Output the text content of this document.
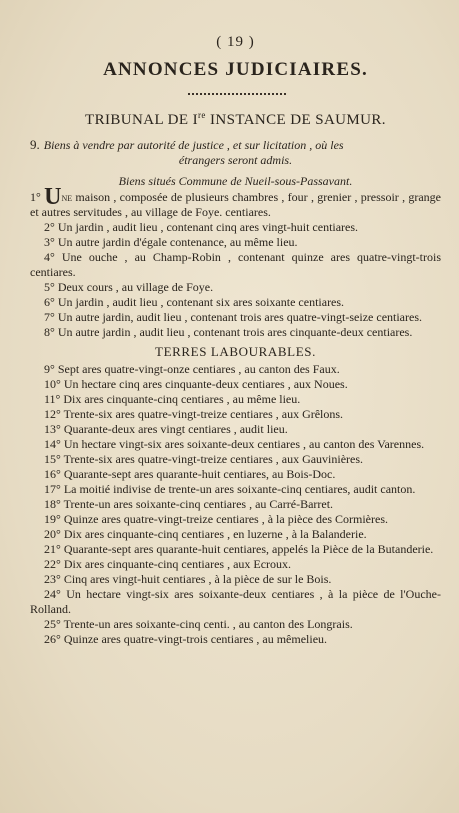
( 19 )
ANNONCES JUDICIAIRES.
TRIBUNAL DE Ire INSTANCE DE SAUMUR.
9. Biens à vendre par autorité de justice , et sur licitation , où les
étrangers seront admis.
Biens situés Commune de Nueil-sous-Passavant.

1° Une maison , composée de plusieurs chambres , four , grenier , pressoir , grange et autres servitudes , au village de Foye. centiares.

2° Un jardin , audit lieu , contenant cinq ares vingt-huit centiares.

3° Un autre jardin d'égale contenance, au même lieu.

4° Une ouche , au Champ-Robin , contenant quinze ares quatre-vingt-trois centiares.

5° Deux cours , au village de Foye.

6° Un jardin , audit lieu , contenant six ares soixante centiares.

7° Un autre jardin, audit lieu , contenant trois ares quatre-vingt-seize centiares.

8° Un autre jardin , audit lieu , contenant trois ares cinquante-deux centiares.

TERRES LABOURABLES.

9° Sept ares quatre-vingt-onze centiares , au canton des Faux.

10° Un hectare cinq ares cinquante-deux centiares , aux Noues.

11° Dix ares cinquante-cinq centiares , au même lieu.

12° Trente-six ares quatre-vingt-treize centiares , aux Grêlons.

13° Quarante-deux ares vingt centiares , audit lieu.

14° Un hectare vingt-six ares soixante-deux centiares , au canton des Varennes.

15° Trente-six ares quatre-vingt-treize centiares , aux Gauvinières.

16° Quarante-sept ares quarante-huit centiares, au Bois-Doc.

17° La moitié indivise de trente-un ares soixante-cinq centiares, audit canton.

18° Trente-un ares soixante-cinq centiares , au Carré-Barret.

19° Quinze ares quatre-vingt-treize centiares , à la pièce des Cormières.

20° Dix ares cinquante-cinq centiares , en luzerne , à la Balanderie.

21° Quarante-sept ares quarante-huit centiares, appelés la Pièce de la Butanderie.

22° Dix ares cinquante-cinq centiares , aux Ecroux.

23° Cinq ares vingt-huit centiares , à la pièce de sur le Bois.

24° Un hectare vingt-six ares soixante-deux centiares , à la pièce de l'Ouche-Rolland.

25° Trente-un ares soixante-cinq centi. , au canton des Longrais.

26° Quinze ares quatre-vingt-trois centiares , au mêmelieu.
